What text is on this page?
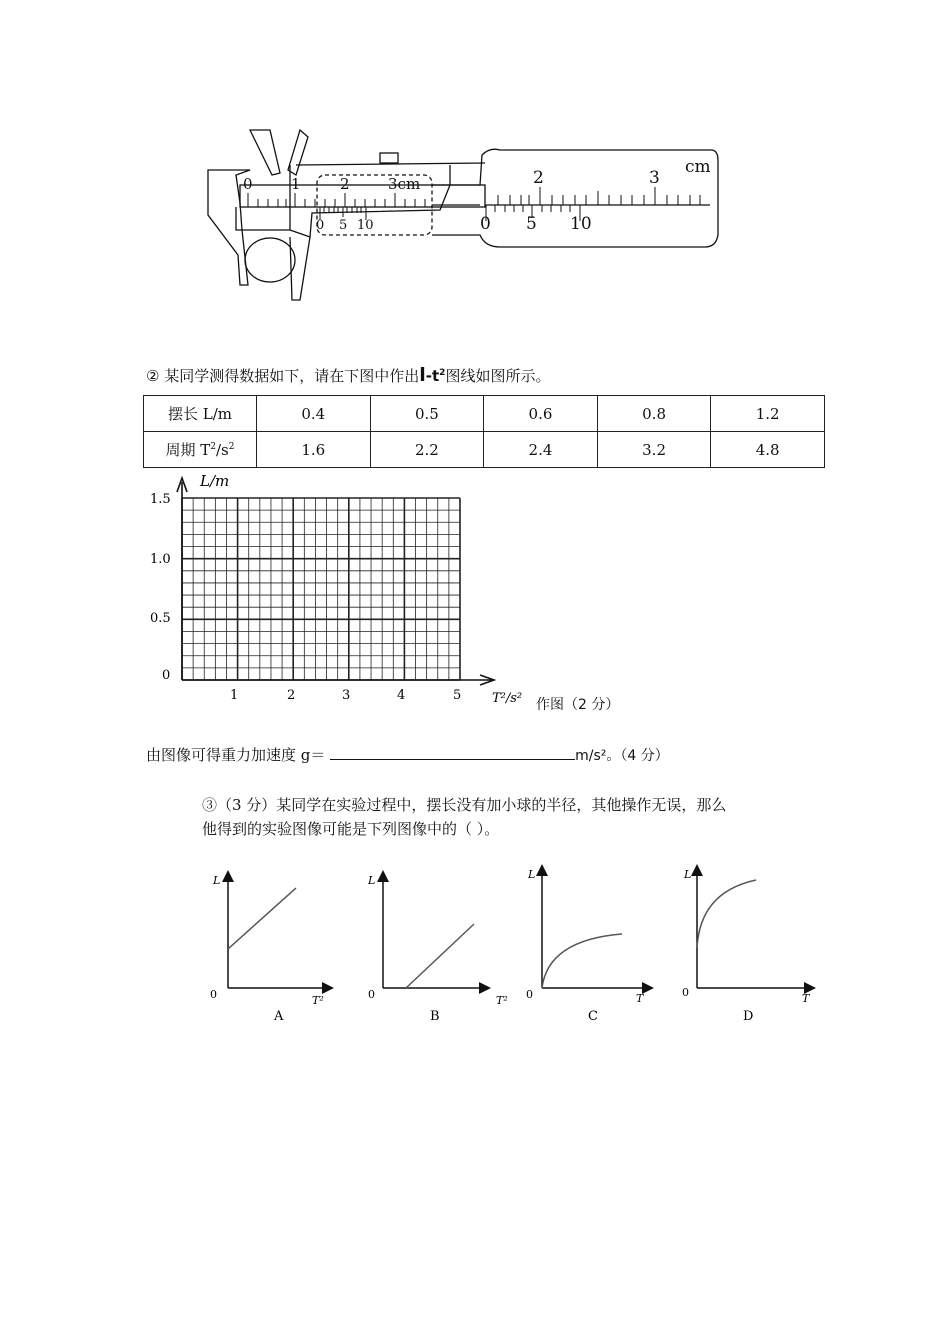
0	1	2	3cm
0 5 10
2	3
cm
0 5 10
② 某同学测得数据如下，请在下图中作出$l-t^2$图线如图所示。
摆长 L/m	0.4	0.5	0.6	0.8	1.2
周期 $T^2/s^2$	1.6	2.2	2.4	3.2	4.8
L/m
T²/s²
1.5
1.0
0.5
0
1	2	3	4	5
作图（2 分）
由图像可得重力加速度 g＝	m/s²。（4 分）
③（3 分）某同学在实验过程中，摆长没有加小球的半径，其他操作无误，那么
他得到的实验图像可能是下列图像中的（ ）。
L
0	T²
A
L
0	T²
B
L
0	T
C
L
0	T
D
